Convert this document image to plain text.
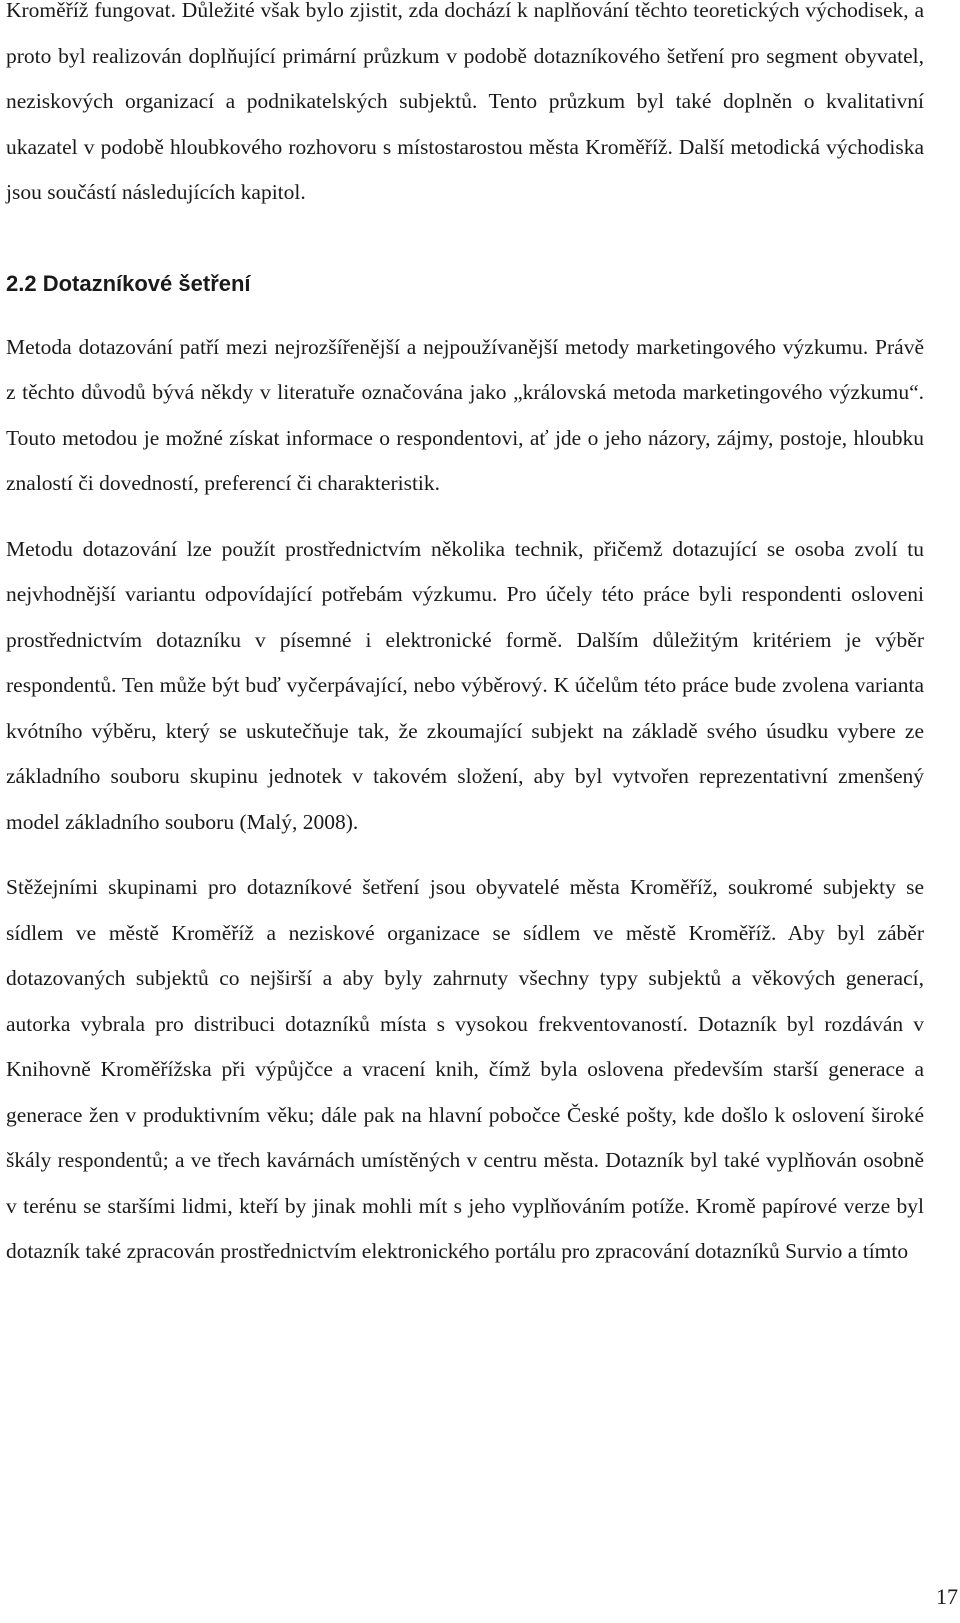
Kroměříž fungovat. Důležité však bylo zjistit, zda dochází k naplňování těchto teoretických východisek, a proto byl realizován doplňující primární průzkum v podobě dotazníkového šetření pro segment obyvatel, neziskových organizací a podnikatelských subjektů. Tento průzkum byl také doplněn o kvalitativní ukazatel v podobě hloubkového rozhovoru s místostarostou města Kroměříž. Další metodická východiska jsou součástí následujících kapitol.

2.2 Dotazníkové šetření

Metoda dotazování patří mezi nejrozšířenější a nejpoužívanější metody marketingového výzkumu. Právě z těchto důvodů bývá někdy v literatuře označována jako „královská metoda marketingového výzkumu“. Touto metodou je možné získat informace o respondentovi, ať jde o jeho názory, zájmy, postoje, hloubku znalostí či dovedností, preferencí či charakteristik.

Metodu dotazování lze použít prostřednictvím několika technik, přičemž dotazující se osoba zvolí tu nejvhodnější variantu odpovídající potřebám výzkumu. Pro účely této práce byli respondenti osloveni prostřednictvím dotazníku v písemné i elektronické formě. Dalším důležitým kritériem je výběr respondentů. Ten může být buď vyčerpávající, nebo výběrový. K účelům této práce bude zvolena varianta kvótního výběru, který se uskutečňuje tak, že zkoumající subjekt na základě svého úsudku vybere ze základního souboru skupinu jednotek v takovém složení, aby byl vytvořen reprezentativní zmenšený model základního souboru (Malý, 2008).

Stěžejními skupinami pro dotazníkové šetření jsou obyvatelé města Kroměříž, soukromé subjekty se sídlem ve městě Kroměříž a neziskové organizace se sídlem ve městě Kroměříž. Aby byl záběr dotazovaných subjektů co nejširší a aby byly zahrnuty všechny typy subjektů a věkových generací, autorka vybrala pro distribuci dotazníků místa s vysokou frekventovaností. Dotazník byl rozdáván v Knihovně Kroměřížska při výpůjčce a vracení knih, čímž byla oslovena především starší generace a generace žen v produktivním věku; dále pak na hlavní pobočce České pošty, kde došlo k oslovení široké škály respondentů; a ve třech kavárnách umístěných v centru města. Dotazník byl také vyplňován osobně v terénu se staršími lidmi, kteří by jinak mohli mít s jeho vyplňováním potíže. Kromě papírové verze byl dotazník také zpracován prostřednictvím elektronického portálu pro zpracování dotazníků Survio a tímto

17
